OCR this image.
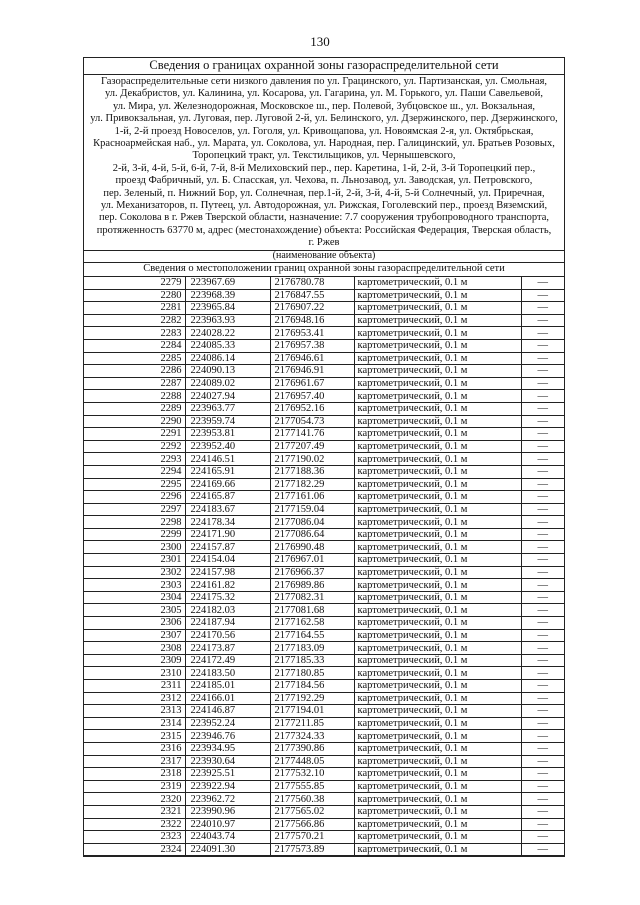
130
Сведения о границах охранной зоны газораспределительной сети
Газораспределительные сети низкого давления по ул. Грацинского, ул. Партизанская, ул. Смольная,
ул. Декабристов, ул. Калинина, ул. Косарова, ул. Гагарина, ул. М. Горького, ул. Паши Савельевой,
ул. Мира, ул. Железнодорожная, Московское ш., пер. Полевой, Зубцовское ш., ул. Вокзальная,
ул. Привокзальная, ул. Луговая, пер. Луговой 2-й, ул. Белинского, ул. Дзержинского, пер. Дзержинского,
1-й, 2-й проезд Новоселов, ул. Гоголя, ул. Кривощапова, ул. Новоямская 2-я, ул. Октябрьская,
Красноармейская наб., ул. Марата, ул. Соколова, ул. Народная, пер. Галицинский, ул. Братьев Розовых,
Торопецкий тракт, ул. Текстильщиков, ул. Чернышевского,
2-й, 3-й, 4-й, 5-й, 6-й, 7-й, 8-й Мелиховский пер., пер. Каретина, 1-й, 2-й, 3-й Торопецкий пер.,
проезд Фабричный, ул. Б. Спасская, ул. Чехова, п. Льнозавод, ул. Заводская, ул. Петровского,
пер. Зеленый, п. Нижний Бор, ул. Солнечная, пер.1-й, 2-й, 3-й, 4-й, 5-й Солнечный, ул. Приречная,
ул. Механизаторов, п. Путеец, ул. Автодорожная, ул. Рижская, Гоголевский пер., проезд Вяземский,
пер. Соколова в г. Ржев Тверской области, назначение: 7.7 сооружения трубопроводного транспорта,
протяженность 63770 м, адрес (местонахождение) объекта: Российская Федерация, Тверская область,
г. Ржев
(наименование объекта)
Сведения о местоположении границ охранной зоны газораспределительной сети
2279	223967.69	2176780.78	картометрический, 0.1 м	—
2280	223968.39	2176847.55	картометрический, 0.1 м	—
2281	223965.84	2176907.22	картометрический, 0.1 м	—
2282	223963.93	2176948.16	картометрический, 0.1 м	—
2283	224028.22	2176953.41	картометрический, 0.1 м	—
2284	224085.33	2176957.38	картометрический, 0.1 м	—
2285	224086.14	2176946.61	картометрический, 0.1 м	—
2286	224090.13	2176946.91	картометрический, 0.1 м	—
2287	224089.02	2176961.67	картометрический, 0.1 м	—
2288	224027.94	2176957.40	картометрический, 0.1 м	—
2289	223963.77	2176952.16	картометрический, 0.1 м	—
2290	223959.74	2177054.73	картометрический, 0.1 м	—
2291	223953.81	2177141.76	картометрический, 0.1 м	—
2292	223952.40	2177207.49	картометрический, 0.1 м	—
2293	224146.51	2177190.02	картометрический, 0.1 м	—
2294	224165.91	2177188.36	картометрический, 0.1 м	—
2295	224169.66	2177182.29	картометрический, 0.1 м	—
2296	224165.87	2177161.06	картометрический, 0.1 м	—
2297	224183.67	2177159.04	картометрический, 0.1 м	—
2298	224178.34	2177086.04	картометрический, 0.1 м	—
2299	224171.90	2177086.64	картометрический, 0.1 м	—
2300	224157.87	2176990.48	картометрический, 0.1 м	—
2301	224154.04	2176967.01	картометрический, 0.1 м	—
2302	224157.98	2176966.37	картометрический, 0.1 м	—
2303	224161.82	2176989.86	картометрический, 0.1 м	—
2304	224175.32	2177082.31	картометрический, 0.1 м	—
2305	224182.03	2177081.68	картометрический, 0.1 м	—
2306	224187.94	2177162.58	картометрический, 0.1 м	—
2307	224170.56	2177164.55	картометрический, 0.1 м	—
2308	224173.87	2177183.09	картометрический, 0.1 м	—
2309	224172.49	2177185.33	картометрический, 0.1 м	—
2310	224183.50	2177180.85	картометрический, 0.1 м	—
2311	224185.01	2177184.56	картометрический, 0.1 м	—
2312	224166.01	2177192.29	картометрический, 0.1 м	—
2313	224146.87	2177194.01	картометрический, 0.1 м	—
2314	223952.24	2177211.85	картометрический, 0.1 м	—
2315	223946.76	2177324.33	картометрический, 0.1 м	—
2316	223934.95	2177390.86	картометрический, 0.1 м	—
2317	223930.64	2177448.05	картометрический, 0.1 м	—
2318	223925.51	2177532.10	картометрический, 0.1 м	—
2319	223922.94	2177555.85	картометрический, 0.1 м	—
2320	223962.72	2177560.38	картометрический, 0.1 м	—
2321	223990.96	2177565.02	картометрический, 0.1 м	—
2322	224010.97	2177566.86	картометрический, 0.1 м	—
2323	224043.74	2177570.21	картометрический, 0.1 м	—
2324	224091.30	2177573.89	картометрический, 0.1 м	—
